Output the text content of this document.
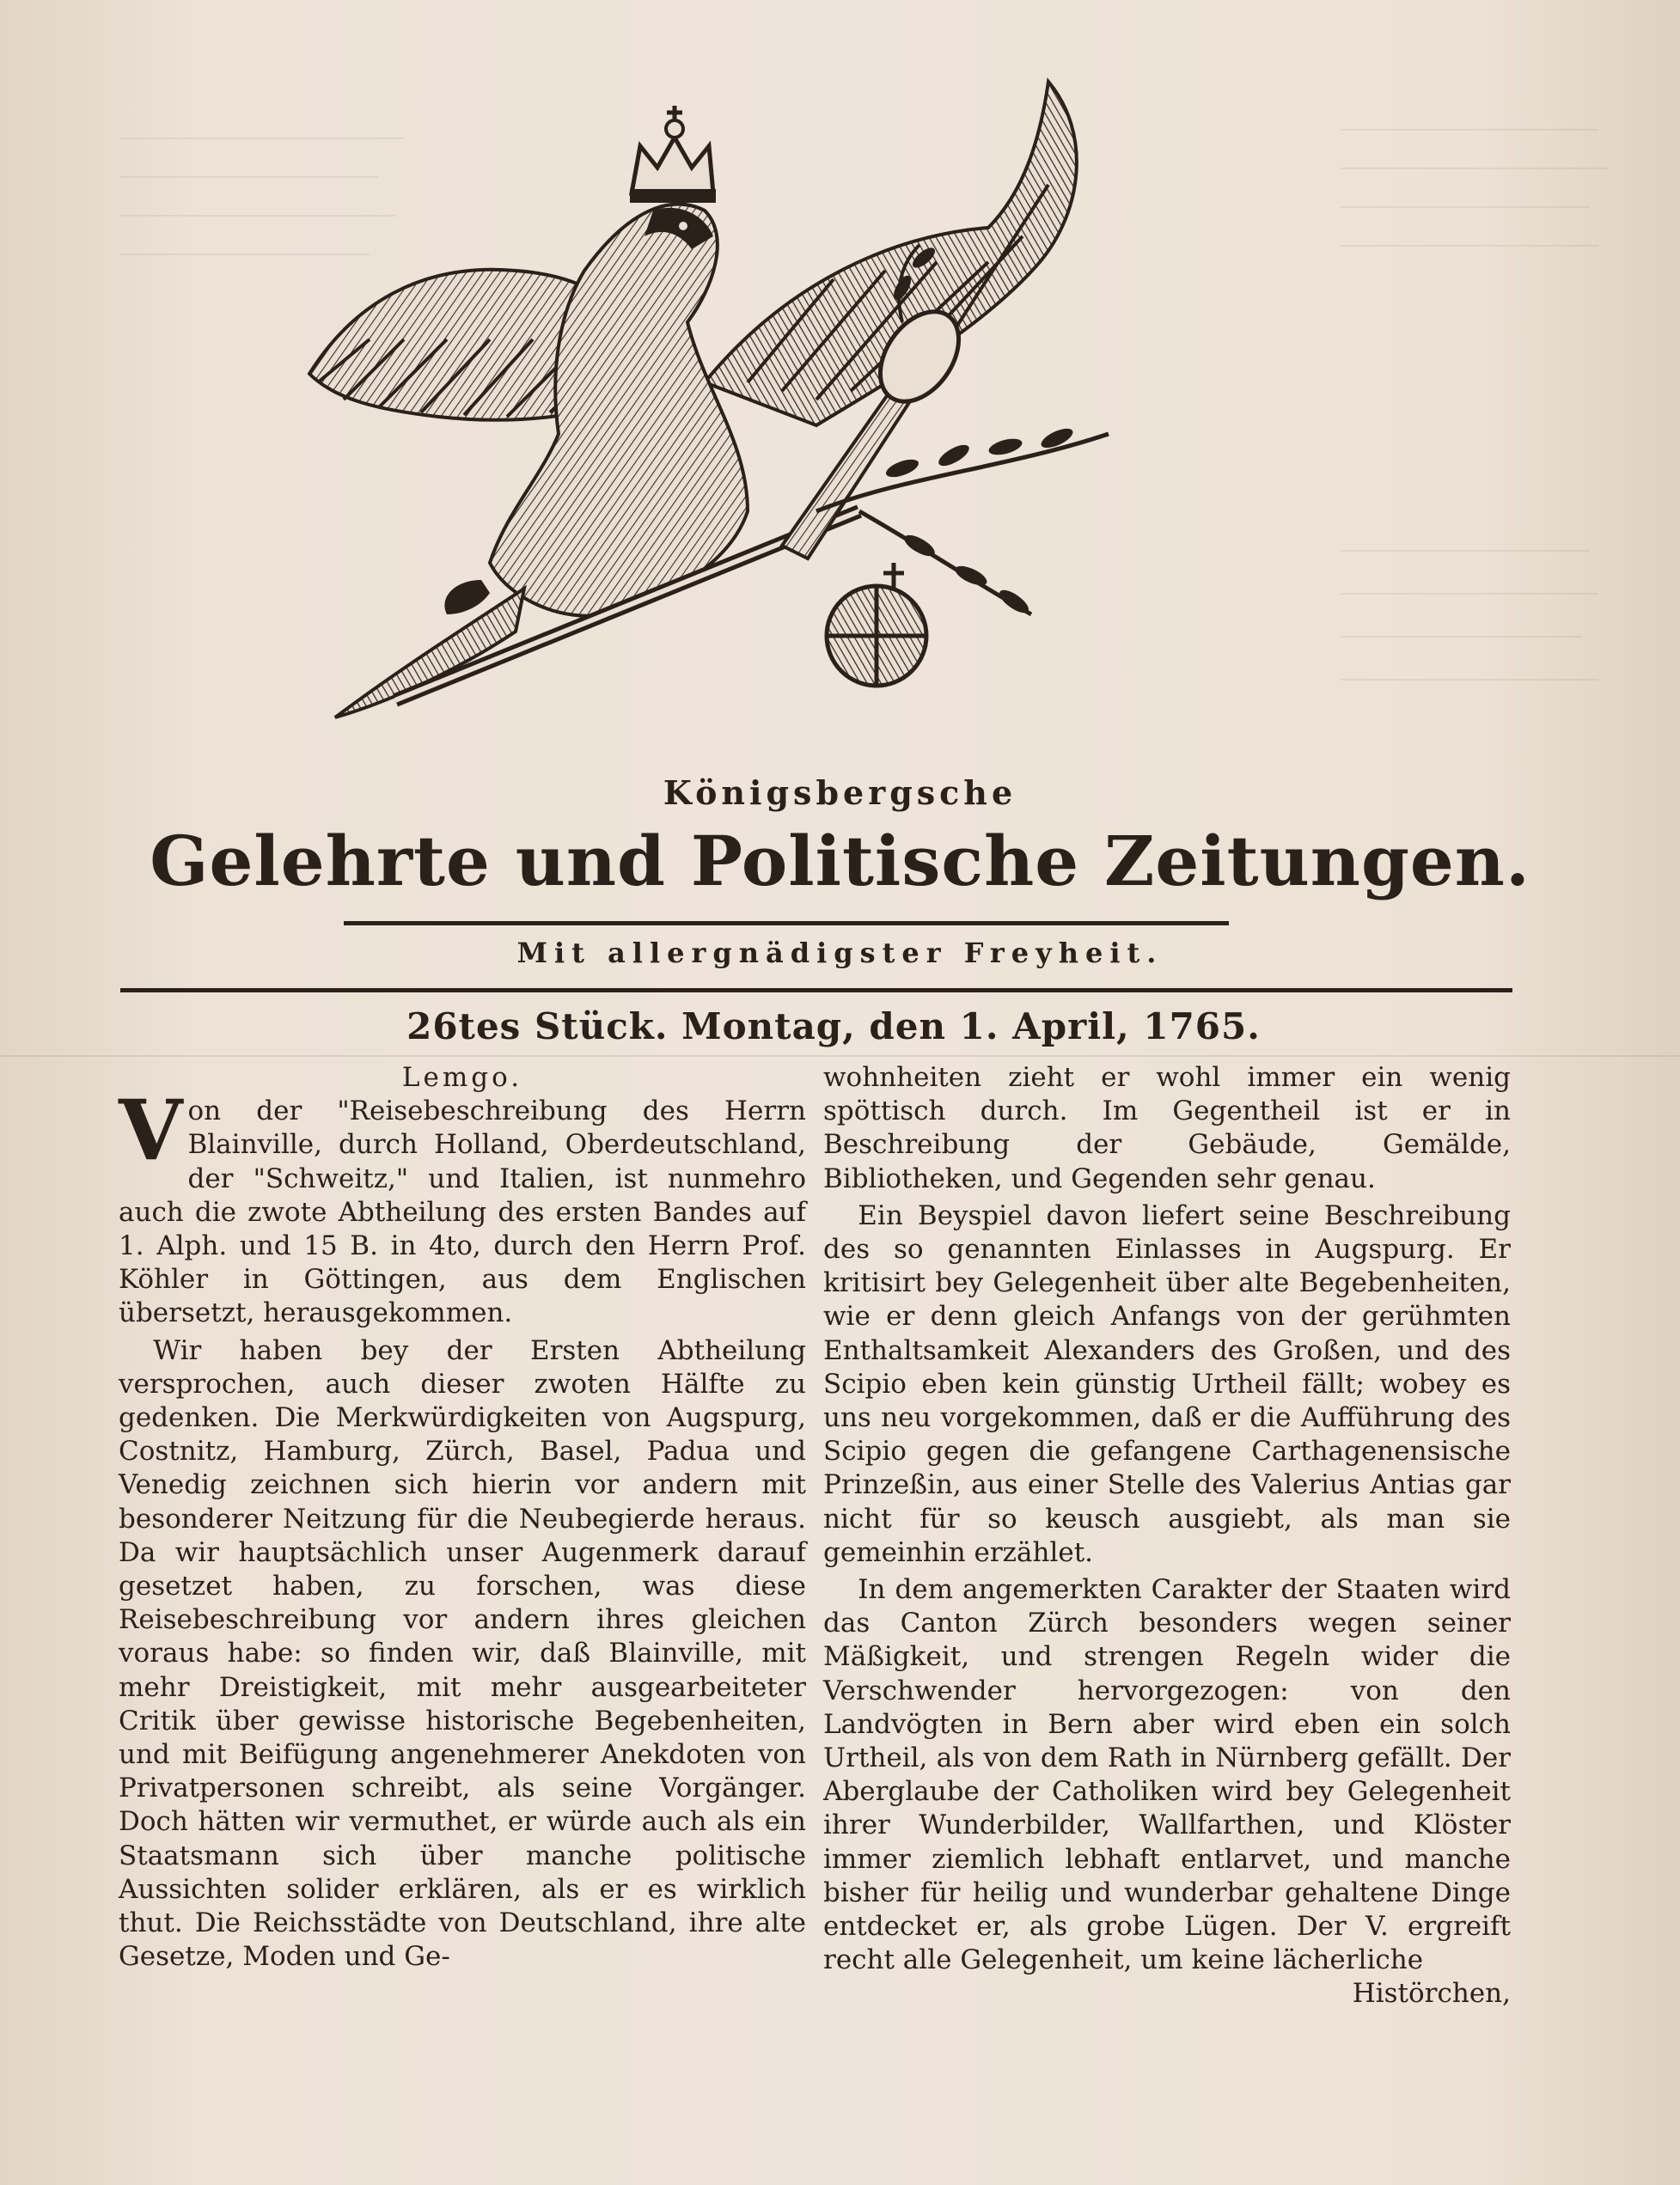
Königsbergsche
Gelehrte und Politische Zeitungen.
Mit allergnädigster Freyheit.
26tes Stück. Montag, den 1. April, 1765.

Lemgo.

Von der "Reisebeschreibung des Herrn Blainville, durch Holland, Oberdeutschland, der "Schweitz," und Italien, ist nunmehro auch die zwote Abtheilung des ersten Bandes auf 1. Alph. und 15 B. in 4to, durch den Herrn Prof. Köhler in Göttingen, aus dem Englischen übersetzt, herausgekommen.

Wir haben bey der Ersten Abtheilung versprochen, auch dieser zwoten Hälfte zu gedenken. Die Merkwürdigkeiten von Augspurg, Costnitz, Hamburg, Zürch, Basel, Padua und Venedig zeichnen sich hierin vor andern mit besonderer Neitzung für die Neubegierde heraus. Da wir hauptsächlich unser Augenmerk darauf gesetzet haben, zu forschen, was diese Reisebeschreibung vor andern ihres gleichen voraus habe: so finden wir, daß Blainville, mit mehr Dreistigkeit, mit mehr ausgearbeiteter Critik über gewisse historische Begebenheiten, und mit Beifügung angenehmerer Anekdoten von Privatpersonen schreibt, als seine Vorgänger. Doch hätten wir vermuthet, er würde auch als ein Staatsmann sich über manche politische Aussichten solider erklären, als er es wirklich thut. Die Reichsstädte von Deutschland, ihre alte Gesetze, Moden und Ge-

wohnheiten zieht er wohl immer ein wenig spöttisch durch. Im Gegentheil ist er in Beschreibung der Gebäude, Gemälde, Bibliotheken, und Gegenden sehr genau.

Ein Beyspiel davon liefert seine Beschreibung des so genannten Einlasses in Augspurg. Er kritisirt bey Gelegenheit über alte Begebenheiten, wie er denn gleich Anfangs von der gerühmten Enthaltsamkeit Alexanders des Großen, und des Scipio eben kein günstig Urtheil fällt; wobey es uns neu vorgekommen, daß er die Aufführung des Scipio gegen die gefangene Carthagenensische Prinzeßin, aus einer Stelle des Valerius Antias gar nicht für so keusch ausgiebt, als man sie gemeinhin erzählet.

In dem angemerkten Carakter der Staaten wird das Canton Zürch besonders wegen seiner Mäßigkeit, und strengen Regeln wider die Verschwender hervorgezogen: von den Landvögten in Bern aber wird eben ein solch Urtheil, als von dem Rath in Nürnberg gefällt. Der Aberglaube der Catholiken wird bey Gelegenheit ihrer Wunderbilder, Wallfarthen, und Klöster immer ziemlich lebhaft entlarvet, und manche bisher für heilig und wunderbar gehaltene Dinge entdecket er, als grobe Lügen. Der V. ergreift recht alle Gelegenheit, um keine lächerliche

Histörchen,
